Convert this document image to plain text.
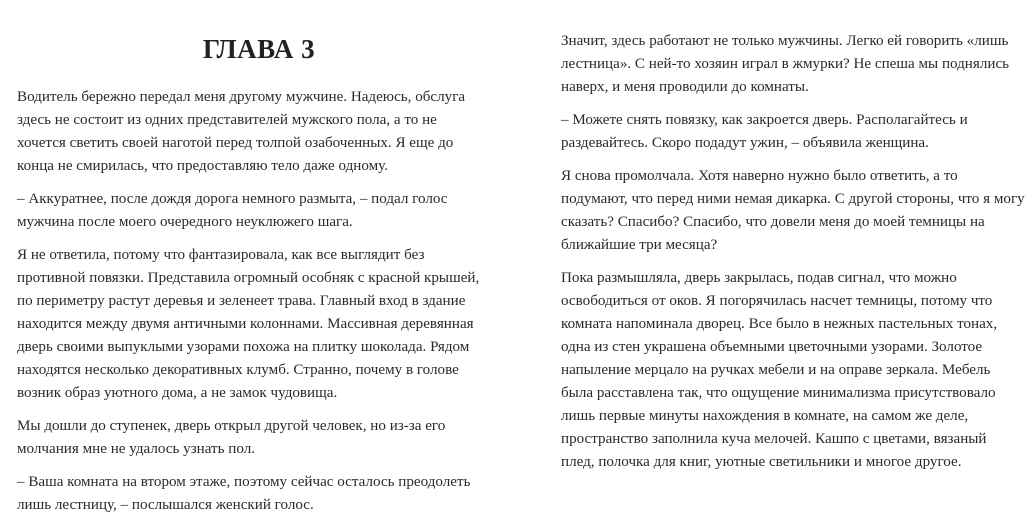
ГЛАВА 3
Водитель бережно передал меня другому мужчине. Надеюсь, обслуга
здесь не состоит из одних представителей мужского пола, а то не
хочется светить своей наготой перед толпой озабоченных. Я еще до
конца не смирилась, что предоставляю тело даже одному.
– Аккуратнее, после дождя дорога немного размыта, – подал голос
мужчина после моего очередного неуклюжего шага.
Я не ответила, потому что фантазировала, как все выглядит без
противной повязки. Представила огромный особняк с красной крышей,
по периметру растут деревья и зеленеет трава. Главный вход в здание
находится между двумя античными колоннами. Массивная деревянная
дверь своими выпуклыми узорами похожа на плитку шоколада. Рядом
находятся несколько декоративных клумб. Странно, почему в голове
возник образ уютного дома, а не замок чудовища.
Мы дошли до ступенек, дверь открыл другой человек, но из-за его
молчания мне не удалось узнать пол.
– Ваша комната на втором этаже, поэтому сейчас осталось преодолеть
лишь лестницу, – послышался женский голос.
Значит, здесь работают не только мужчины. Легко ей говорить «лишь
лестница». С ней-то хозяин играл в жмурки? Не спеша мы поднялись
наверх, и меня проводили до комнаты.
– Можете снять повязку, как закроется дверь. Располагайтесь и
раздевайтесь. Скоро подадут ужин, – объявила женщина.
Я снова промолчала. Хотя наверно нужно было ответить, а то
подумают, что перед ними немая дикарка. С другой стороны, что я могу
сказать? Спасибо? Спасибо, что довели меня до моей темницы на
ближайшие три месяца?
Пока размышляла, дверь закрылась, подав сигнал, что можно
освободиться от оков. Я погорячилась насчет темницы, потому что
комната напоминала дворец. Все было в нежных пастельных тонах,
одна из стен украшена объемными цветочными узорами. Золотое
напыление мерцало на ручках мебели и на оправе зеркала. Мебель
была расставлена так, что ощущение минимализма присутствовало
лишь первые минуты нахождения в комнате, на самом же деле,
пространство заполнила куча мелочей. Кашпо с цветами, вязаный
плед, полочка для книг, уютные светильники и многое другое.
